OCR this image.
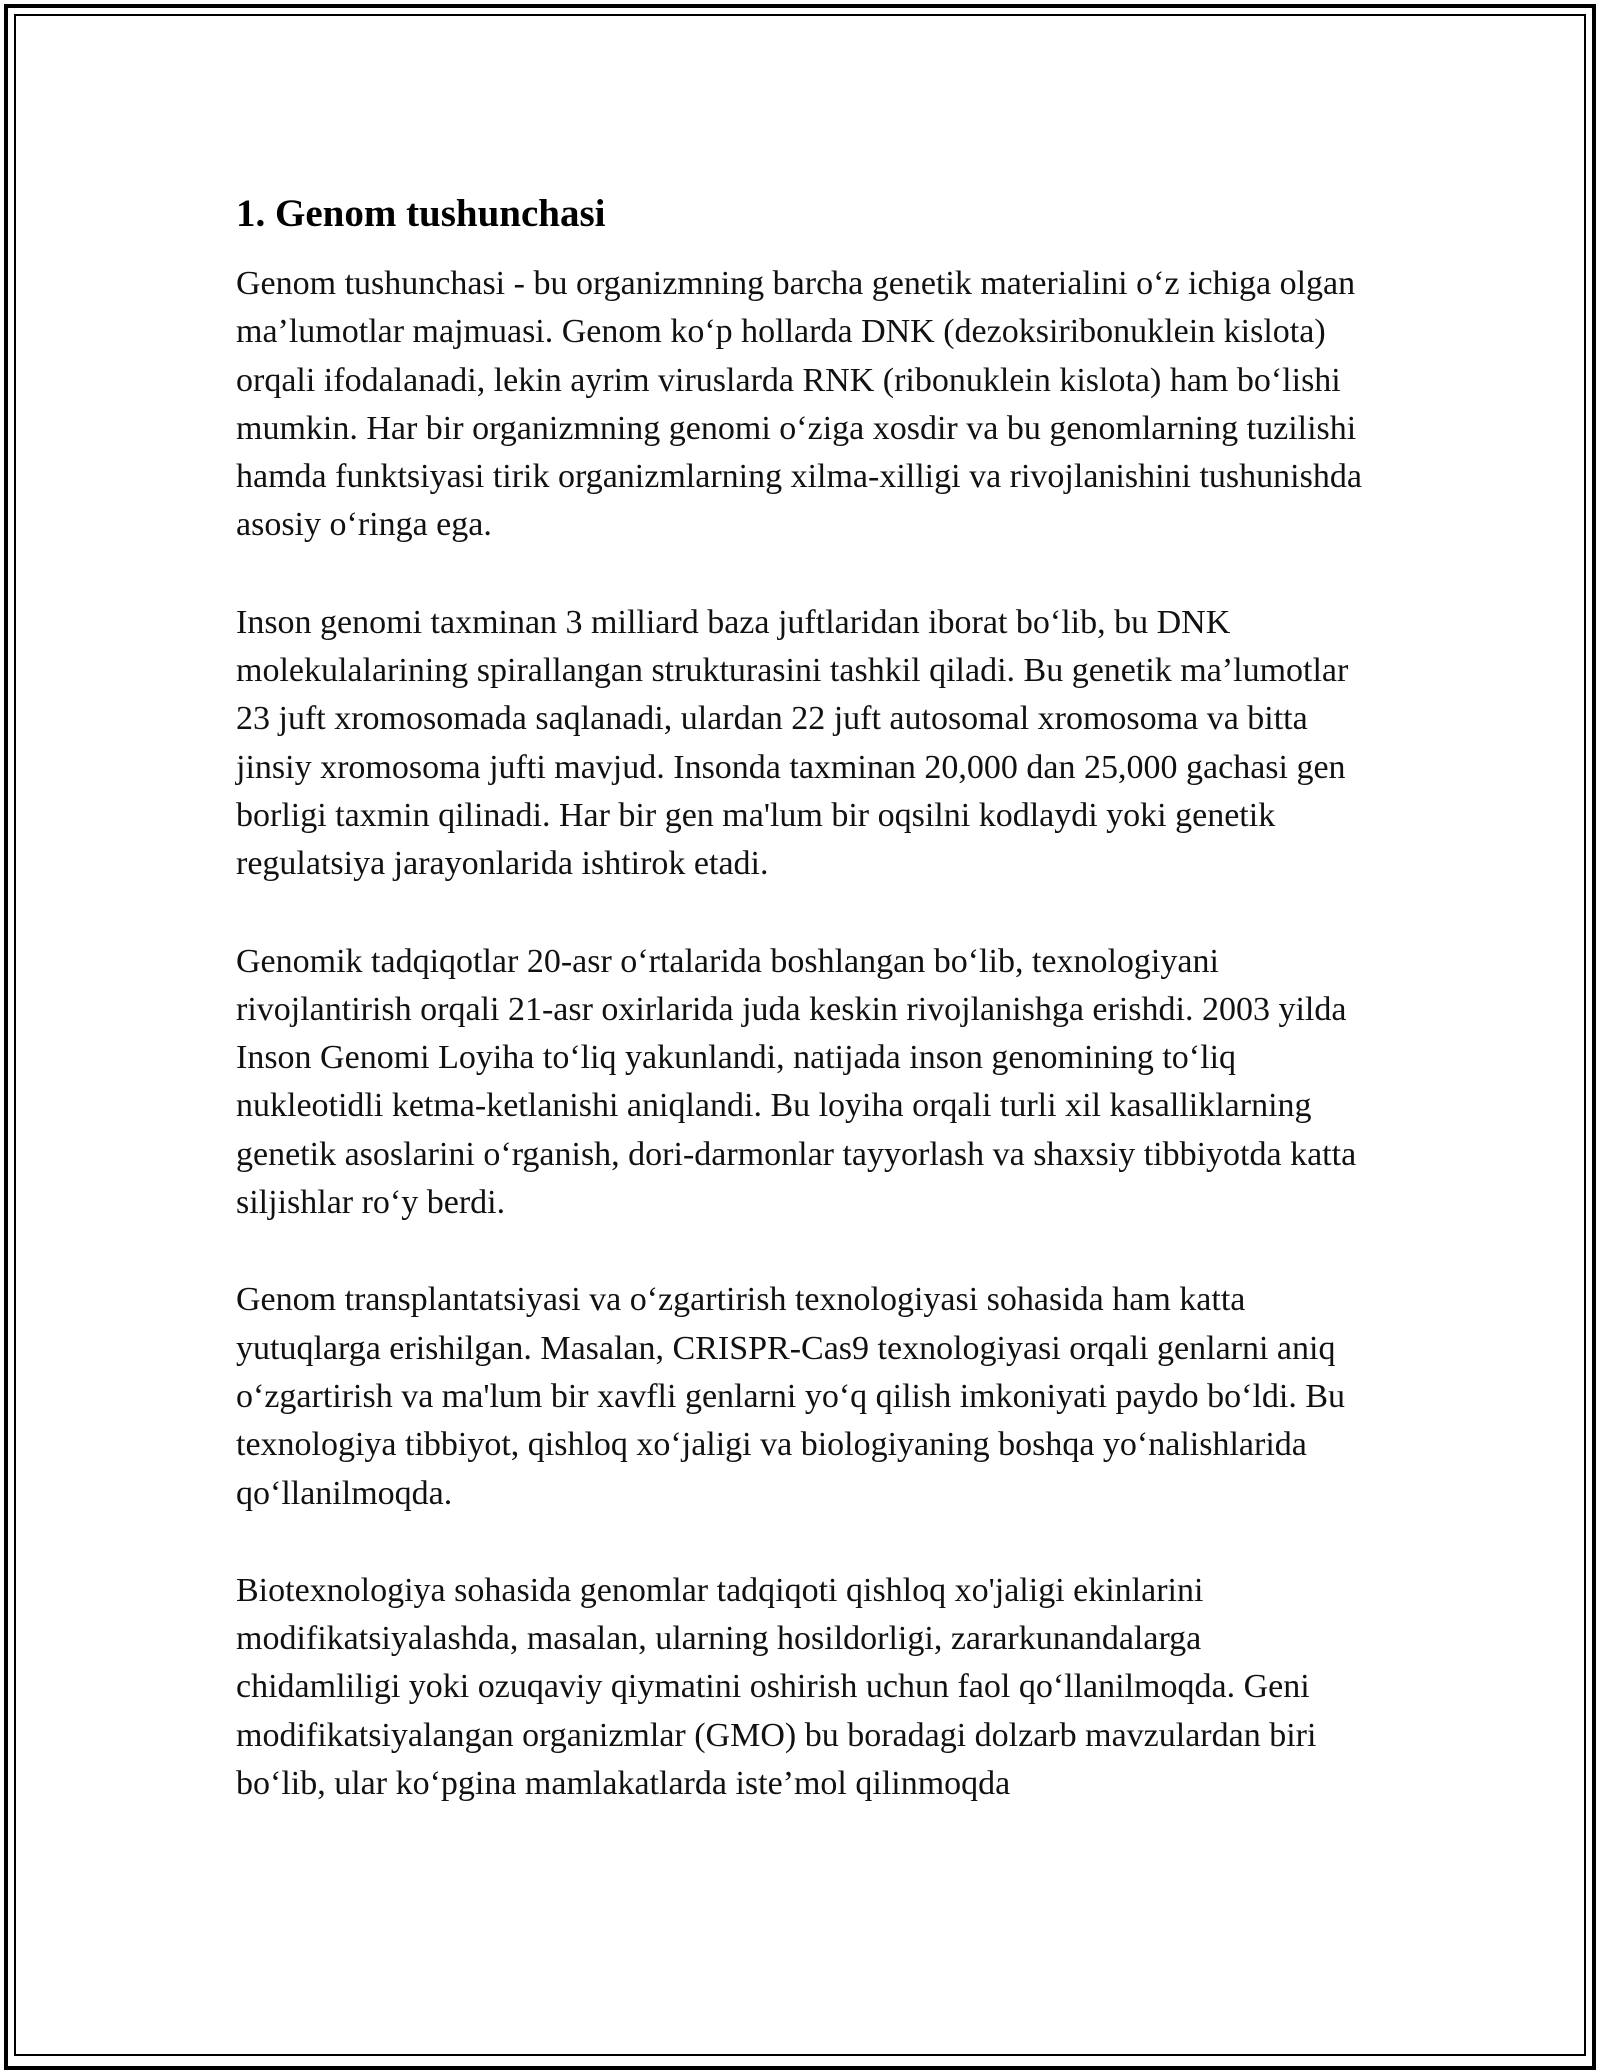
1. Genom tushunchasi

Genom tushunchasi - bu organizmning barcha genetik materialini o‘z ichiga olgan ma’lumotlar majmuasi. Genom ko‘p hollarda DNK (dezoksiribonuklein kislota) orqali ifodalanadi, lekin ayrim viruslarda RNK (ribonuklein kislota) ham bo‘lishi mumkin. Har bir organizmning genomi o‘ziga xosdir va bu genomlarning tuzilishi hamda funktsiyasi tirik organizmlarning xilma-xilligi va rivojlanishini tushunishda asosiy o‘ringa ega.

Inson genomi taxminan 3 milliard baza juftlaridan iborat bo‘lib, bu DNK molekulalarining spirallangan strukturasini tashkil qiladi. Bu genetik ma’lumotlar 23 juft xromosomada saqlanadi, ulardan 22 juft autosomal xromosoma va bitta jinsiy xromosoma jufti mavjud. Insonda taxminan 20,000 dan 25,000 gachasi gen borligi taxmin qilinadi. Har bir gen ma'lum bir oqsilni kodlaydi yoki genetik regulatsiya jarayonlarida ishtirok etadi.

Genomik tadqiqotlar 20-asr o‘rtalarida boshlangan bo‘lib, texnologiyani rivojlantirish orqali 21-asr oxirlarida juda keskin rivojlanishga erishdi. 2003 yilda Inson Genomi Loyiha to‘liq yakunlandi, natijada inson genomining to‘liq nukleotidli ketma-ketlanishi aniqlandi. Bu loyiha orqali turli xil kasalliklarning genetik asoslarini o‘rganish, dori-darmonlar tayyorlash va shaxsiy tibbiyotda katta siljishlar ro‘y berdi.

Genom transplantatsiyasi va o‘zgartirish texnologiyasi sohasida ham katta yutuqlarga erishilgan. Masalan, CRISPR-Cas9 texnologiyasi orqali genlarni aniq o‘zgartirish va ma'lum bir xavfli genlarni yo‘q qilish imkoniyati paydo bo‘ldi. Bu texnologiya tibbiyot, qishloq xo‘jaligi va biologiyaning boshqa yo‘nalishlarida qo‘llanilmoqda.

Biotexnologiya sohasida genomlar tadqiqoti qishloq xo'jaligi ekinlarini modifikatsiyalashda, masalan, ularning hosildorligi, zararkunandalarga chidamliligi yoki ozuqaviy qiymatini oshirish uchun faol qo‘llanilmoqda. Geni modifikatsiyalangan organizmlar (GMO) bu boradagi dolzarb mavzulardan biri bo‘lib, ular ko‘pgina mamlakatlarda iste’mol qilinmoqda
